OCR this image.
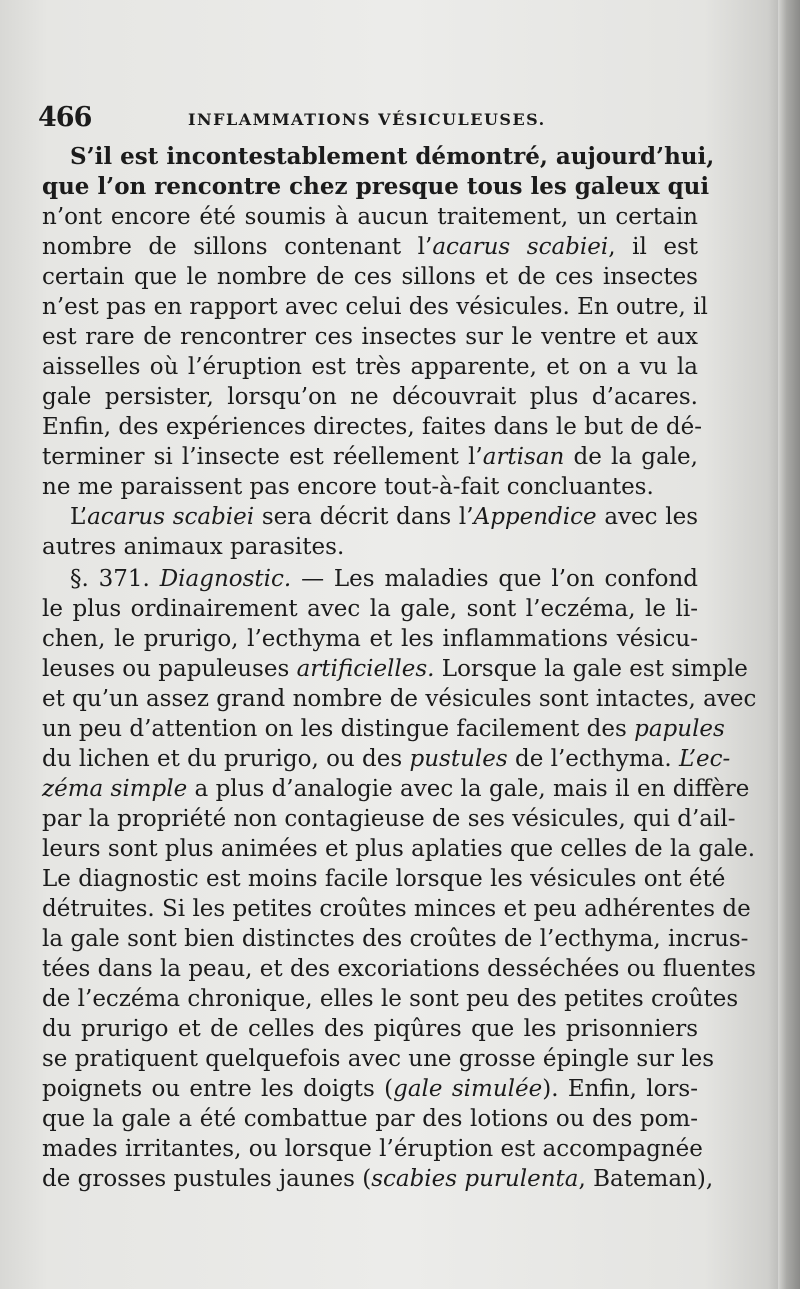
466	INFLAMMATIONS VÉSICULEUSES.
S’il est incontestablement démontré, aujourd’hui,
que l’on rencontre chez presque tous les galeux qui
n’ont encore été soumis à aucun traitement, un certain
nombre de sillons contenant l’acarus scabiei, il est
certain que le nombre de ces sillons et de ces insectes
n’est pas en rapport avec celui des vésicules. En outre, il
est rare de rencontrer ces insectes sur le ventre et aux
aisselles où l’éruption est très apparente, et on a vu la
gale persister, lorsqu’on ne découvrait plus d’acares.
Enfin, des expériences directes, faites dans le but de dé-
terminer si l’insecte est réellement l’artisan de la gale,
ne me paraissent pas encore tout-à-fait concluantes.
L’acarus scabiei sera décrit dans l’Appendice avec les
autres animaux parasites.
§. 371. Diagnostic. — Les maladies que l’on confond
le plus ordinairement avec la gale, sont l’eczéma, le li-
chen, le prurigo, l’ecthyma et les inflammations vésicu-
leuses ou papuleuses artificielles. Lorsque la gale est simple
et qu’un assez grand nombre de vésicules sont intactes, avec
un peu d’attention on les distingue facilement des papules
du lichen et du prurigo, ou des pustules de l’ecthyma. L’ec-
zéma simple a plus d’analogie avec la gale, mais il en diffère
par la propriété non contagieuse de ses vésicules, qui d’ail-
leurs sont plus animées et plus aplaties que celles de la gale.
Le diagnostic est moins facile lorsque les vésicules ont été
détruites. Si les petites croûtes minces et peu adhérentes de
la gale sont bien distinctes des croûtes de l’ecthyma, incrus-
tées dans la peau, et des excoriations desséchées ou fluentes
de l’eczéma chronique, elles le sont peu des petites croûtes
du prurigo et de celles des piqûres que les prisonniers
se pratiquent quelquefois avec une grosse épingle sur les
poignets ou entre les doigts (gale simulée). Enfin, lors-
que la gale a été combattue par des lotions ou des pom-
mades irritantes, ou lorsque l’éruption est accompagnée
de grosses pustules jaunes (scabies purulenta, Bateman),
